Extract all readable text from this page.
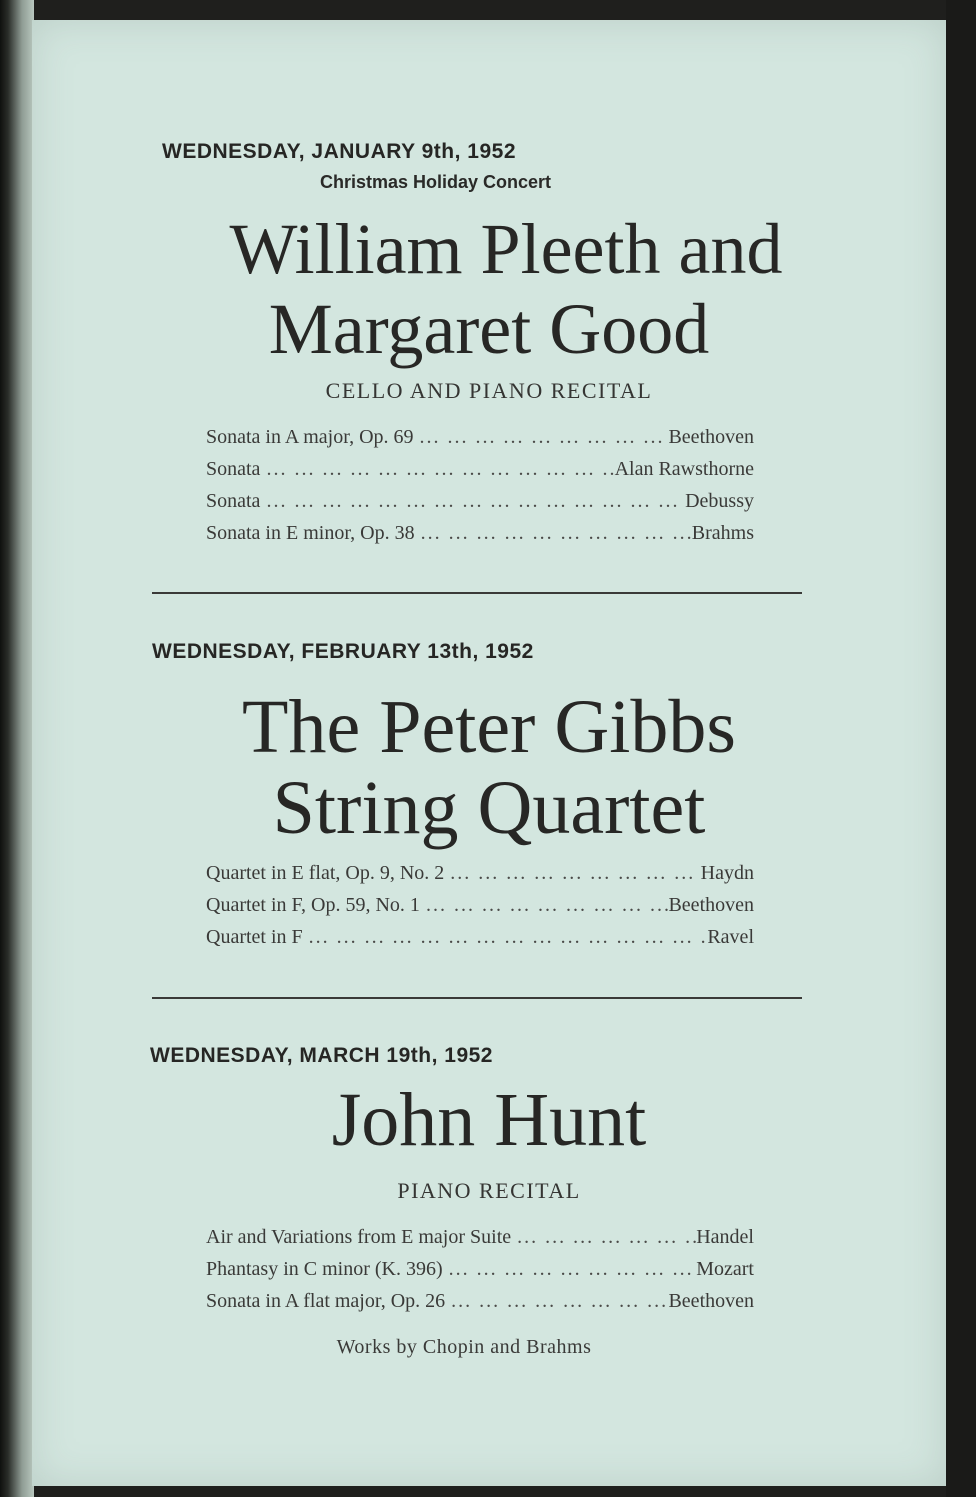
WEDNESDAY, JANUARY 9th, 1952
Christmas Holiday Concert
William Pleeth and
Margaret Good
CELLO AND PIANO RECITAL
Sonata in A major, Op. 69 ... .	Beethoven
Sonata ... .	Alan Rawsthorne
Sonata ... .	Debussy
Sonata in E minor, Op. 38 ... .	Brahms
WEDNESDAY, FEBRUARY 13th, 1952
The Peter Gibbs
String Quartet
Quartet in E flat, Op. 9, No. 2 ... .	Haydn
Quartet in F, Op. 59, No. 1 ... .	Beethoven
Quartet in F ... .	Ravel
WEDNESDAY, MARCH 19th, 1952
John Hunt
PIANO RECITAL
Air and Variations from E major Suite ... .	Handel
Phantasy in C minor (K. 396) ... .	Mozart
Sonata in A flat major, Op. 26 ... .	Beethoven
Works by Chopin and Brahms
